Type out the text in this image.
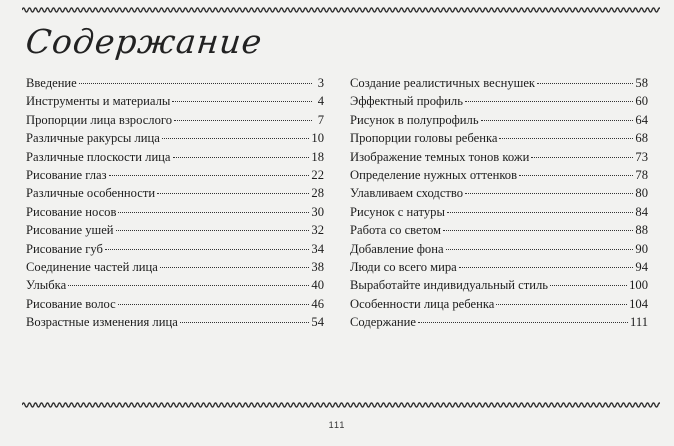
Содержание
Введение	3
Инструменты и материалы	4
Пропорции лица взрослого	7
Различные ракурсы лица	10
Различные плоскости лица	18
Рисование глаз	22
Различные особенности	28
Рисование носов	30
Рисование ушей	32
Рисование губ	34
Соединение частей лица	38
Улыбка	40
Рисование волос	46
Возрастные изменения лица	54
Создание реалистичных веснушек	58
Эффектный профиль	60
Рисунок в полупрофиль	64
Пропорции головы ребенка	68
Изображение темных тонов кожи	73
Определение нужных оттенков	78
Улавливаем сходство	80
Рисунок с натуры	84
Работа со светом	88
Добавление фона	90
Люди со всего мира	94
Выработайте индивидуальный стиль	100
Особенности лица ребенка	104
Содержание	111
111
